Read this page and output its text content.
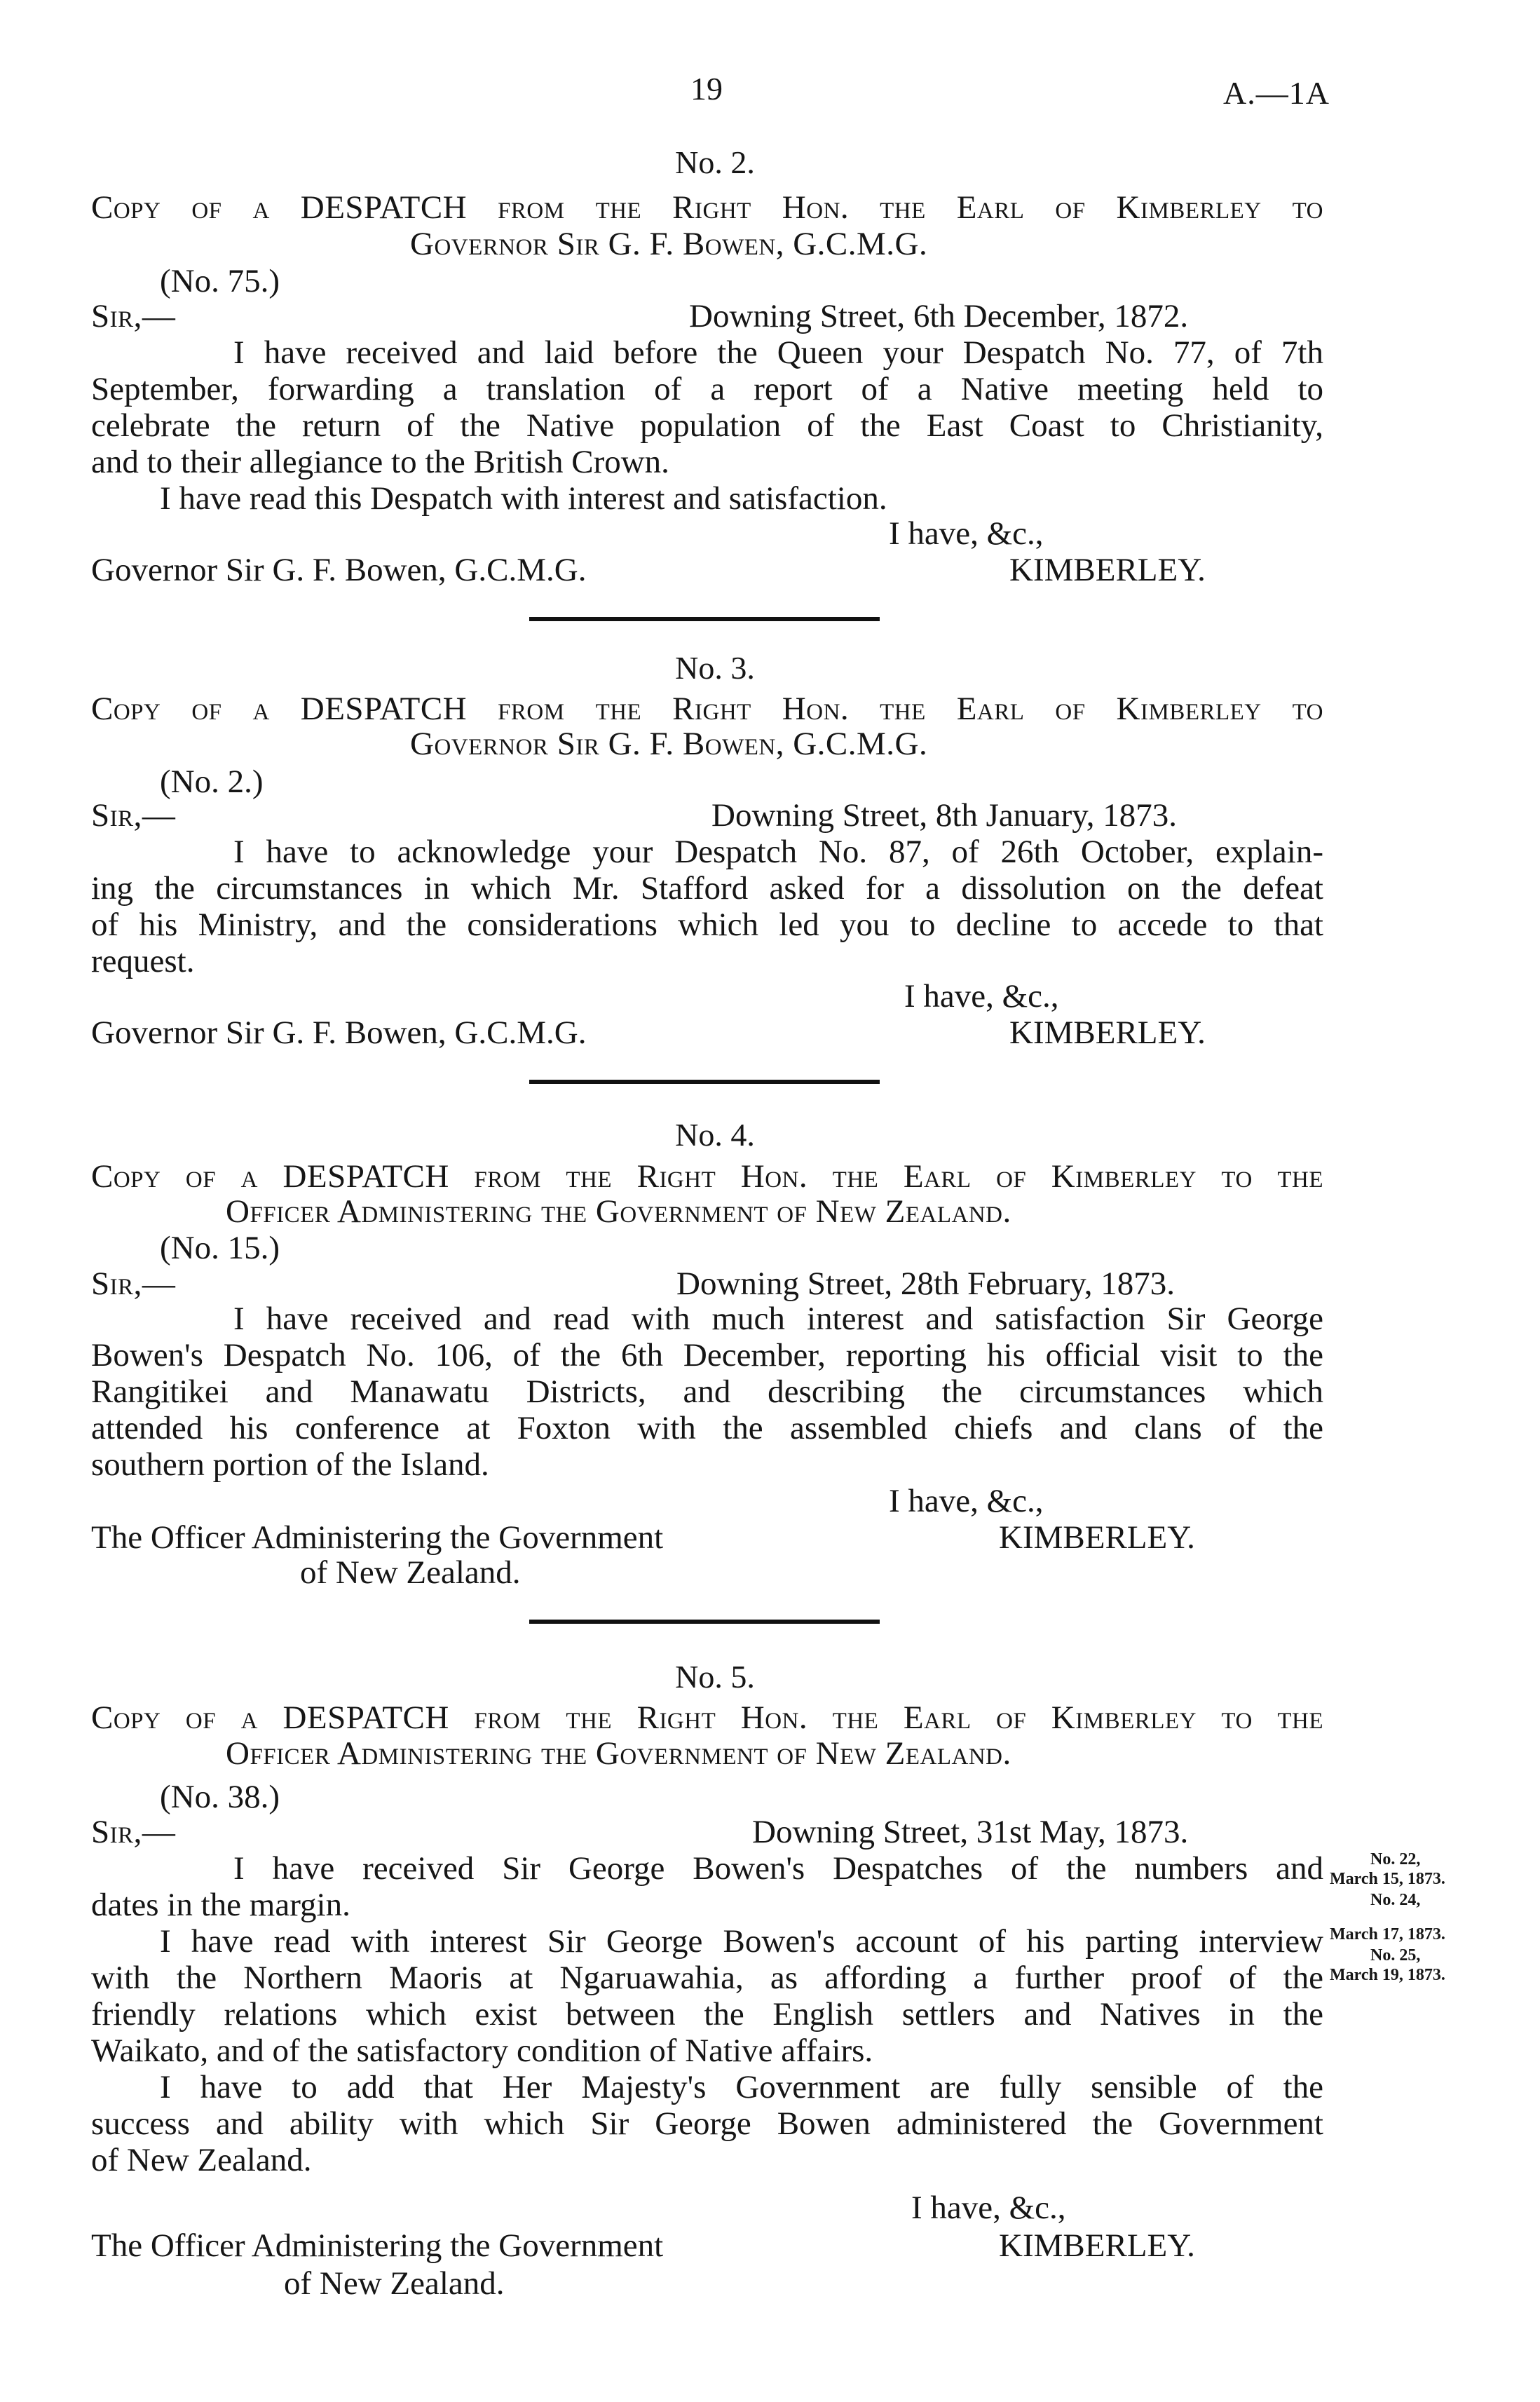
19	A.—1A
No. 2.
Copy of a DESPATCH from the Right Hon. the Earl of Kimberley to
Governor Sir G. F. Bowen, G.C.M.G.
(No. 75.)
Sir,—	Downing Street, 6th December, 1872.
I have received and laid before the Queen your Despatch No. 77, of 7th
September, forwarding a translation of a report of a Native meeting held to
celebrate the return of the Native population of the East Coast to Christianity,
and to their allegiance to the British Crown.
I have read this Despatch with interest and satisfaction.
I have, &c.,
Governor Sir G. F. Bowen, G.C.M.G.	KIMBERLEY.
No. 3.
Copy of a DESPATCH from the Right Hon. the Earl of Kimberley to
Governor Sir G. F. Bowen, G.C.M.G.
(No. 2.)
Sir,—	Downing Street, 8th January, 1873.
I have to acknowledge your Despatch No. 87, of 26th October, explain-
ing the circumstances in which Mr. Stafford asked for a dissolution on the defeat
of his Ministry, and the considerations which led you to decline to accede to that
request.
I have, &c.,
Governor Sir G. F. Bowen, G.C.M.G.	KIMBERLEY.
No. 4.
Copy of a DESPATCH from the Right Hon. the Earl of Kimberley to the
Officer Administering the Government of New Zealand.
(No. 15.)
Sir,—	Downing Street, 28th February, 1873.
I have received and read with much interest and satisfaction Sir George
Bowen's Despatch No. 106, of the 6th December, reporting his official visit to the
Rangitikei and Manawatu Districts, and describing the circumstances which
attended his conference at Foxton with the assembled chiefs and clans of the
southern portion of the Island.
I have, &c.,
The Officer Administering the Government	KIMBERLEY.
of New Zealand.
No. 5.
Copy of a DESPATCH from the Right Hon. the Earl of Kimberley to the
Officer Administering the Government of New Zealand.
(No. 38.)
Sir,—	Downing Street, 31st May, 1873.
I have received Sir George Bowen's Despatches of the numbers and
dates in the margin.
I have read with interest Sir George Bowen's account of his parting interview
with the Northern Maoris at Ngaruawahia, as affording a further proof of the
friendly relations which exist between the English settlers and Natives in the
Waikato, and of the satisfactory condition of Native affairs.
I have to add that Her Majesty's Government are fully sensible of the
success and ability with which Sir George Bowen administered the Government
of New Zealand.
I have, &c.,
The Officer Administering the Government	KIMBERLEY.
of New Zealand.
No. 22,
March 15, 1873.
No. 24,
March 17, 1873.
No. 25,
March 19, 1873.
